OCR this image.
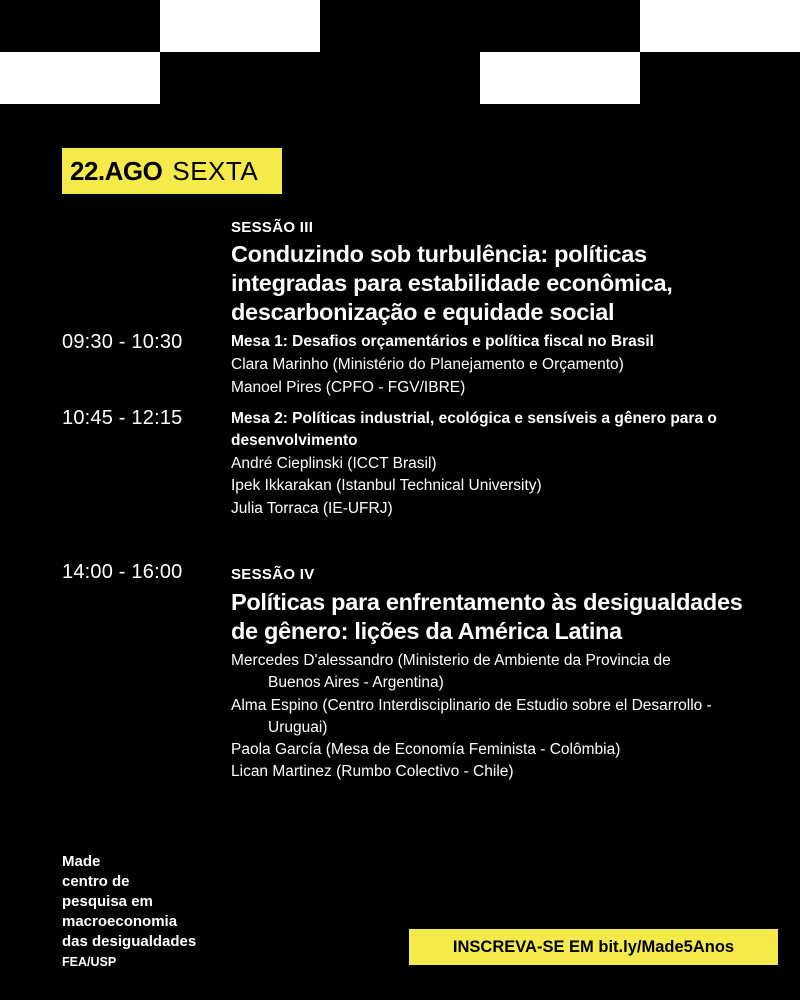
22.AGO SEXTA
SESSÃO III
Conduzindo sob turbulência: políticas
integradas para estabilidade econômica,
descarbonização e equidade social
09:30 - 10:30	Mesa 1: Desafios orçamentários e política fiscal no Brasil
Clara Marinho (Ministério do Planejamento e Orçamento)
Manoel Pires (CPFO - FGV/IBRE)
10:45 - 12:15	Mesa 2: Políticas industrial, ecológica e sensíveis a gênero para o
desenvolvimento
André Cieplinski (ICCT Brasil)
Ipek Ikkarakan (Istanbul Technical University)
Julia Torraca (IE-UFRJ)
14:00 - 16:00	SESSÃO IV
Políticas para enfrentamento às desigualdades
de gênero: lições da América Latina
Mercedes D'alessandro (Ministerio de Ambiente da Provincia de
Buenos Aires - Argentina)
Alma Espino (Centro Interdisciplinario de Estudio sobre el Desarrollo -
Uruguai)
Paola García (Mesa de Economía Feminista - Colômbia)
Lican Martinez (Rumbo Colectivo - Chile)
Made
centro de
pesquisa em
macroeconomia
das desigualdades
FEA/USP
INSCREVA-SE EM bit.ly/Made5Anos
